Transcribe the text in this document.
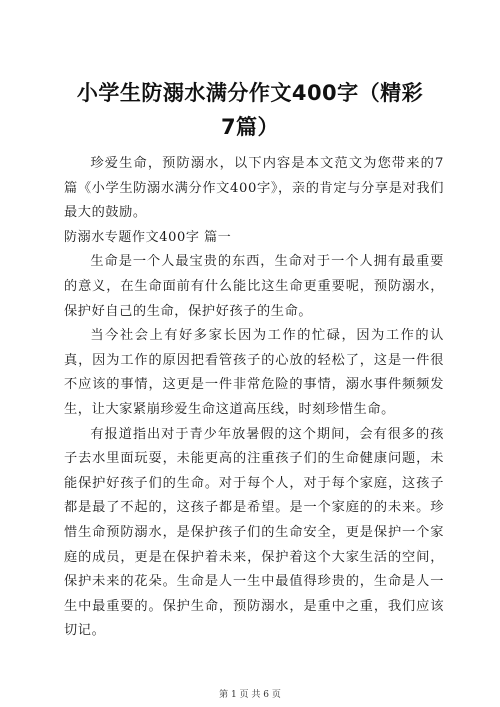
小学生防溺水满分作文400字（精彩7篇）

珍爱生命，预防溺水，以下内容是本文范文为您带来的7篇《小学生防溺水满分作文400字》，亲的肯定与分享是对我们最大的鼓励。

防溺水专题作文400字 篇一

生命是一个人最宝贵的东西，生命对于一个人拥有最重要的意义，在生命面前有什么能比这生命更重要呢，预防溺水，保护好自己的生命，保护好孩子的生命。

当今社会上有好多家长因为工作的忙碌，因为工作的认真，因为工作的原因把看管孩子的心放的轻松了，这是一件很不应该的事情，这更是一件非常危险的事情，溺水事件频频发生，让大家紧崩珍爱生命这道高压线，时刻珍惜生命。

有报道指出对于青少年放暑假的这个期间，会有很多的孩子去水里面玩耍，未能更高的注重孩子们的生命健康问题，未能保护好孩子们的生命。对于每个人，对于每个家庭，这孩子都是最了不起的，这孩子都是希望。是一个家庭的的未来。珍惜生命预防溺水，是保护孩子们的生命安全，更是保护一个家庭的成员，更是在保护着未来，保护着这个大家生活的空间，保护未来的花朵。生命是人一生中最值得珍贵的，生命是人一生中最重要的。保护生命，预防溺水，是重中之重，我们应该切记。

第 1 页 共 6 页
